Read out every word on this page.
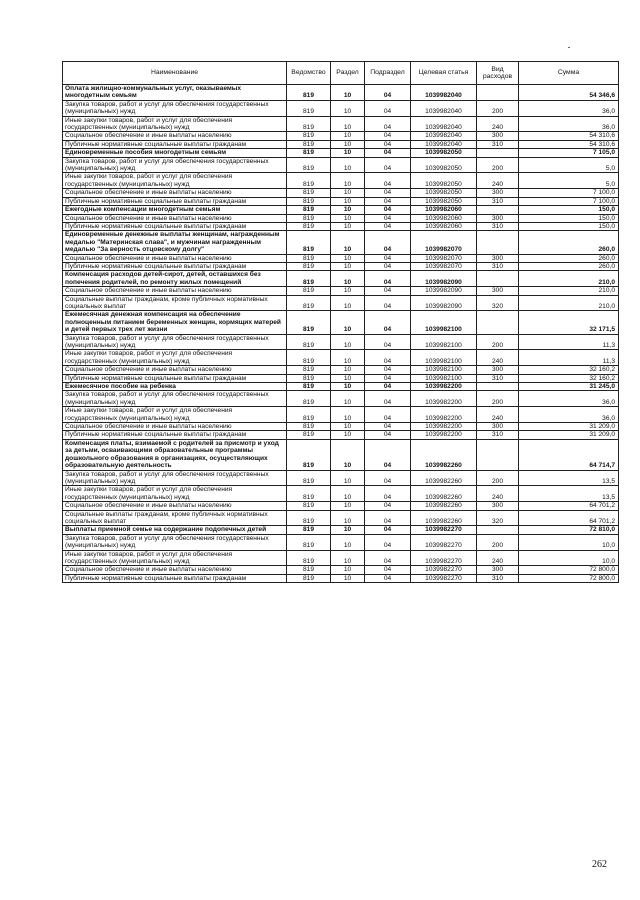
Наименование	Ведомство	Раздел	Подраздел	Целевая статья	Вид расходов	Сумма
Оплата жилищно-коммунальных услуг, оказываемых многодетным семьям	819	10	04	1039982040		54 346,6
Закупка товаров, работ и услуг для обеспечения государственных (муниципальных) нужд	819	10	04	1039982040	200	36,0
Иные закупки товаров, работ и услуг для обеспечения государственных (муниципальных) нужд	819	10	04	1039982040	240	36,0
Социальное обеспечение и иные выплаты населению	819	10	04	1039982040	300	54 310,6
Публичные нормативные социальные выплаты гражданам	819	10	04	1039982040	310	54 310,6
Единовременные пособия многодетным семьям	819	10	04	1039982050		7 105,0
Закупка товаров, работ и услуг для обеспечения государственных (муниципальных) нужд	819	10	04	1039982050	200	5,0
Иные закупки товаров, работ и услуг для обеспечения государственных (муниципальных) нужд	819	10	04	1039982050	240	5,0
Социальное обеспечение и иные выплаты населению	819	10	04	1039982050	300	7 100,0
Публичные нормативные социальные выплаты гражданам	819	10	04	1039982050	310	7 100,0
Ежегодные компенсации многодетным семьям	819	10	04	1039982060		150,0
Социальное обеспечение и иные выплаты населению	819	10	04	1039982060	300	150,0
Публичные нормативные социальные выплаты гражданам	819	10	04	1039982060	310	150,0
Единовременные денежные выплаты женщинам, награжденным медалью "Материнская слава", и мужчинам награжденным медалью "За верность отцовскому долгу"	819	10	04	1039982070		260,0
Социальное обеспечение и иные выплаты населению	819	10	04	1039982070	300	260,0
Публичные нормативные социальные выплаты гражданам	819	10	04	1039982070	310	260,0
Компенсация расходов детей-сирот, детей, оставшихся без попечения родителей, по ремонту жилых помещений	819	10	04	1039982090		210,0
Социальное обеспечение и иные выплаты населению	819	10	04	1039982090	300	210,0
Социальные выплаты гражданам, кроме публичных нормативных социальных выплат	819	10	04	1039982090	320	210,0
Ежемесячная денежная компенсация на обеспечение полноценным питанием беременных женщин, кормящих матерей и детей первых трех лет жизни	819	10	04	1039982100		32 171,5
Закупка товаров, работ и услуг для обеспечения государственных (муниципальных) нужд	819	10	04	1039982100	200	11,3
Иные закупки товаров, работ и услуг для обеспечения государственных (муниципальных) нужд	819	10	04	1039982100	240	11,3
Социальное обеспечение и иные выплаты населению	819	10	04	1039982100	300	32 160,2
Публичные нормативные социальные выплаты гражданам	819	10	04	1039982100	310	32 160,2
Ежемесячное пособие на ребенка	819	10	04	1039982200		31 245,0
Закупка товаров, работ и услуг для обеспечения государственных (муниципальных) нужд	819	10	04	1039982200	200	36,0
Иные закупки товаров, работ и услуг для обеспечения государственных (муниципальных) нужд	819	10	04	1039982200	240	36,0
Социальное обеспечение и иные выплаты населению	819	10	04	1039982200	300	31 209,0
Публичные нормативные социальные выплаты гражданам	819	10	04	1039982200	310	31 209,0
Компенсация платы, взимаемой с родителей за присмотр и уход за детьми, осваивающими образовательные программы дошкольного образования в организациях, осуществляющих образовательную деятельность	819	10	04	1039982260		64 714,7
Закупка товаров, работ и услуг для обеспечения государственных (муниципальных) нужд	819	10	04	1039982260	200	13,5
Иные закупки товаров, работ и услуг для обеспечения государственных (муниципальных) нужд	819	10	04	1039982260	240	13,5
Социальное обеспечение и иные выплаты населению	819	10	04	1039982260	300	64 701,2
Социальные выплаты гражданам, кроме публичных нормативных социальных выплат	819	10	04	1039982260	320	64 701,2
Выплаты приемной семье на содержание подопечных детей	819	10	04	1039982270		72 810,0
Закупка товаров, работ и услуг для обеспечения государственных (муниципальных) нужд	819	10	04	1039982270	200	10,0
Иные закупки товаров, работ и услуг для обеспечения государственных (муниципальных) нужд	819	10	04	1039982270	240	10,0
Социальное обеспечение и иные выплаты населению	819	10	04	1039982270	300	72 800,0
Публичные нормативные социальные выплаты гражданам	819	10	04	1039982270	310	72 800,0
262
